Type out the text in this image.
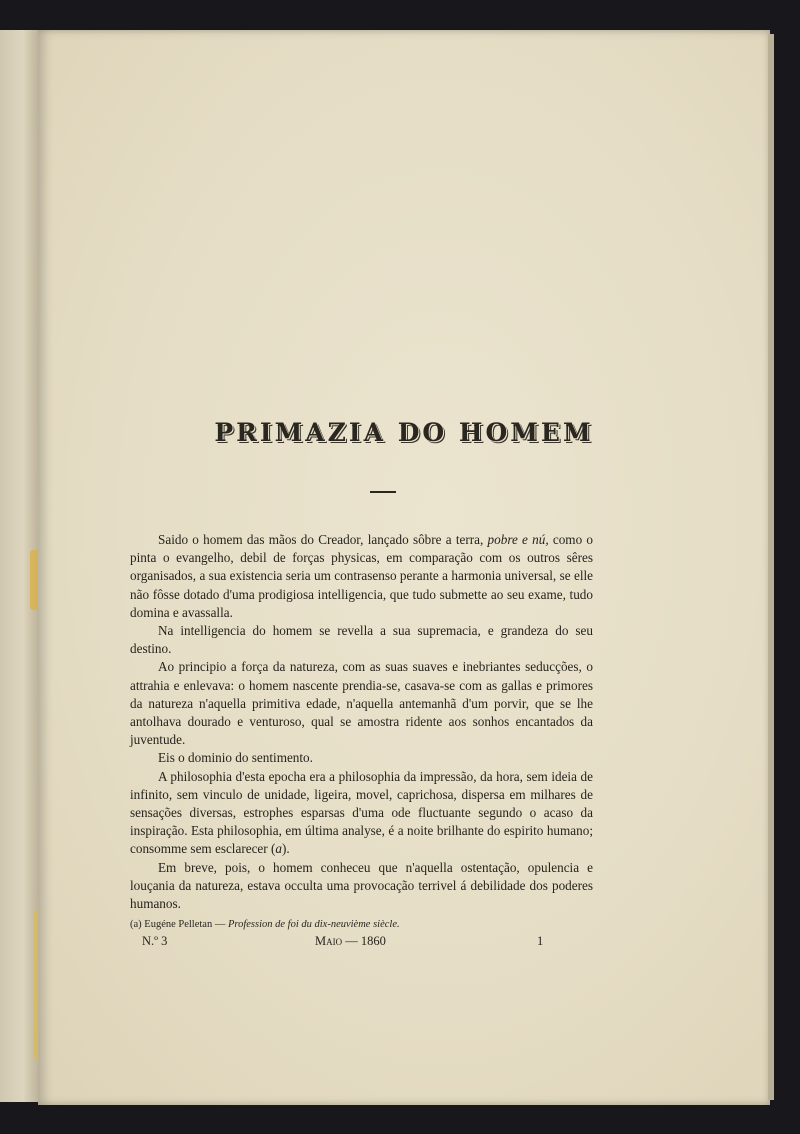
PRIMAZIA DO HOMEM

Saido o homem das mãos do Creador, lançado sôbre a terra, pobre e nú, como o pinta o evangelho, debil de forças physicas, em comparação com os outros sêres organisados, a sua existencia seria um contrasenso perante a harmonia universal, se elle não fôsse dotado d'uma prodigiosa intelligencia, que tudo submette ao seu exame, tudo domina e avassalla.

Na intelligencia do homem se revella a sua supremacia, e grandeza do seu destino.

Ao principio a força da natureza, com as suas suaves e inebriantes seducções, o attrahia e enlevava: o homem nascente prendia-se, casava-se com as gallas e primores da natureza n'aquella primitiva edade, n'aquella antemanhã d'um porvir, que se lhe antolhava dourado e venturoso, qual se amostra ridente aos sonhos encantados da juventude.

Eis o dominio do sentimento.

A philosophia d'esta epocha era a philosophia da impressão, da hora, sem ideia de infinito, sem vinculo de unidade, ligeira, movel, caprichosa, dispersa em milhares de sensações diversas, estrophes esparsas d'uma ode fluctuante segundo o acaso da inspiração. Esta philosophia, em última analyse, é a noite brilhante do espirito humano; consomme sem esclarecer (a).

Em breve, pois, o homem conheceu que n'aquella ostentação, opulencia e louçania da natureza, estava occulta uma provocação terrivel á debilidade dos poderes humanos.

(a) Eugéne Pelletan — Profession de foi du dix-neuvième siècle.
N.º 3	Maio — 1860	1
